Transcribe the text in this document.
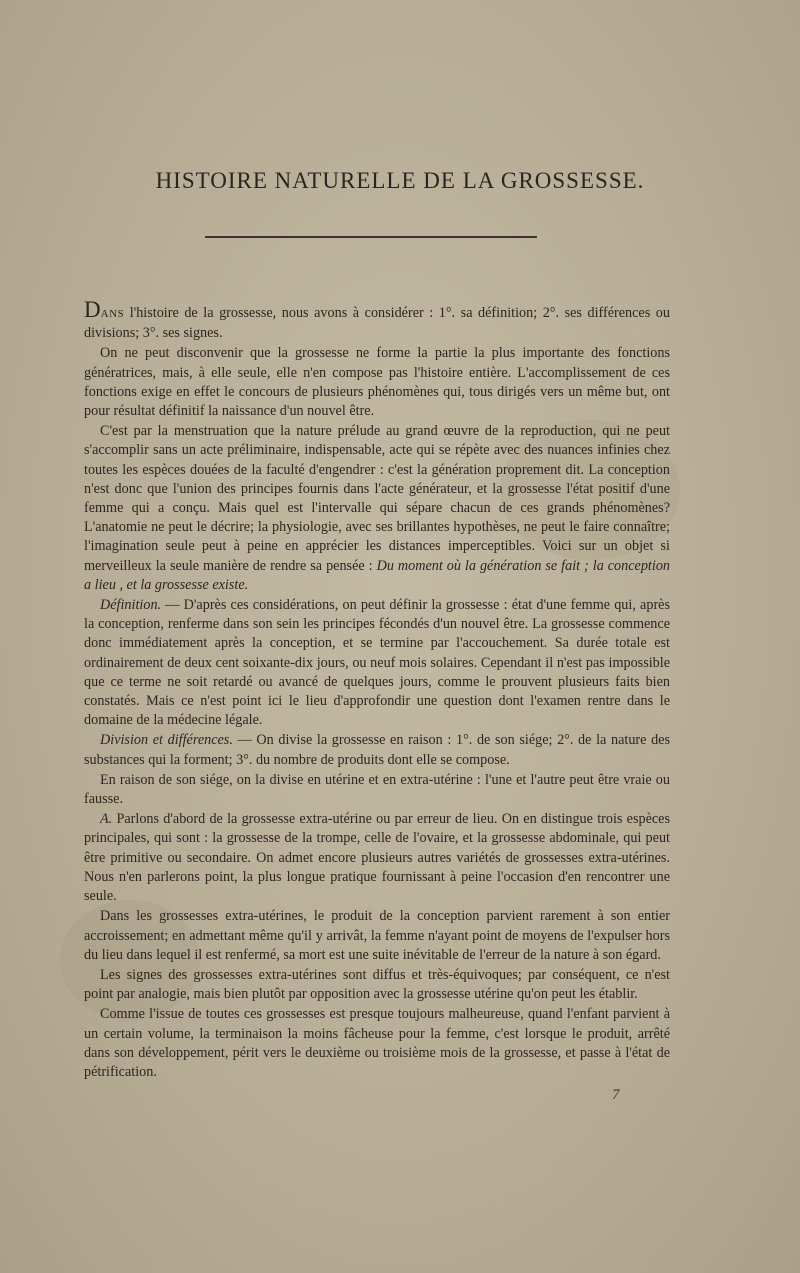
HISTOIRE NATURELLE DE LA GROSSESSE.

DANS l'histoire de la grossesse, nous avons à considérer : 1°. sa définition; 2°. ses différences ou divisions; 3°. ses signes.

On ne peut disconvenir que la grossesse ne forme la partie la plus importante des fonctions génératrices, mais, à elle seule, elle n'en compose pas l'histoire entière. L'accomplissement de ces fonctions exige en effet le concours de plusieurs phénomènes qui, tous dirigés vers un même but, ont pour résultat définitif la naissance d'un nouvel être.

C'est par la menstruation que la nature prélude au grand œuvre de la reproduction, qui ne peut s'accomplir sans un acte préliminaire, indispensable, acte qui se répète avec des nuances infinies chez toutes les espèces douées de la faculté d'engendrer : c'est la génération proprement dit. La conception n'est donc que l'union des principes fournis dans l'acte générateur, et la grossesse l'état positif d'une femme qui a conçu. Mais quel est l'intervalle qui sépare chacun de ces grands phénomènes? L'anatomie ne peut le décrire; la physiologie, avec ses brillantes hypothèses, ne peut le faire connaître; l'imagination seule peut à peine en apprécier les distances imperceptibles. Voici sur un objet si merveilleux la seule manière de rendre sa pensée : Du moment où la génération se fait ; la conception a lieu , et la grossesse existe.

Définition. — D'après ces considérations, on peut définir la grossesse : état d'une femme qui, après la conception, renferme dans son sein les principes fécondés d'un nouvel être. La grossesse commence donc immédiatement après la conception, et se termine par l'accouchement. Sa durée totale est ordinairement de deux cent soixante-dix jours, ou neuf mois solaires. Cependant il n'est pas impossible que ce terme ne soit retardé ou avancé de quelques jours, comme le prouvent plusieurs faits bien constatés. Mais ce n'est point ici le lieu d'approfondir une question dont l'examen rentre dans le domaine de la médecine légale.

Division et différences. — On divise la grossesse en raison : 1°. de son siége; 2°. de la nature des substances qui la forment; 3°. du nombre de produits dont elle se compose.

En raison de son siége, on la divise en utérine et en extra-utérine : l'une et l'autre peut être vraie ou fausse.

A. Parlons d'abord de la grossesse extra-utérine ou par erreur de lieu. On en distingue trois espèces principales, qui sont : la grossesse de la trompe, celle de l'ovaire, et la grossesse abdominale, qui peut être primitive ou secondaire. On admet encore plusieurs autres variétés de grossesses extra-utérines. Nous n'en parlerons point, la plus longue pratique fournissant à peine l'occasion d'en rencontrer une seule.

Dans les grossesses extra-utérines, le produit de la conception parvient rarement à son entier accroissement; en admettant même qu'il y arrivât, la femme n'ayant point de moyens de l'expulser hors du lieu dans lequel il est renfermé, sa mort est une suite inévitable de l'erreur de la nature à son égard.

Les signes des grossesses extra-utérines sont diffus et très-équivoques; par conséquent, ce n'est point par analogie, mais bien plutôt par opposition avec la grossesse utérine qu'on peut les établir.

Comme l'issue de toutes ces grossesses est presque toujours malheureuse, quand l'enfant parvient à un certain volume, la terminaison la moins fâcheuse pour la femme, c'est lorsque le produit, arrêté dans son développement, périt vers le deuxième ou troisième mois de la grossesse, et passe à l'état de pétrification.

7
